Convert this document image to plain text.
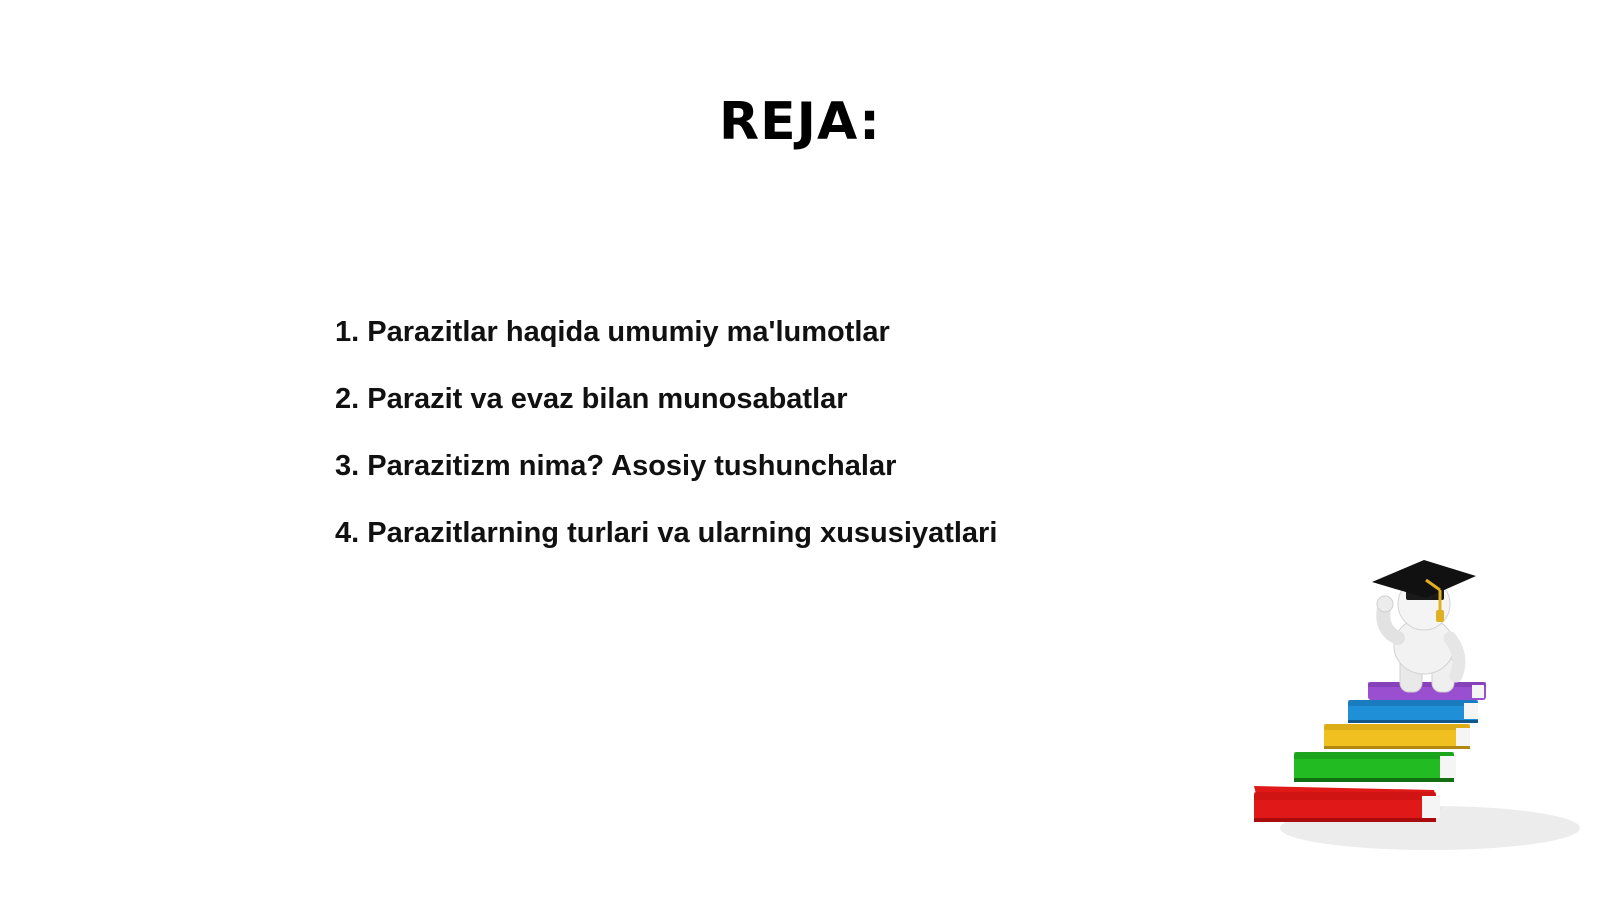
REJA:
1. Parazitlar haqida umumiy ma'lumotlar
2. Parazit va evaz bilan munosabatlar
3. Parazitizm nima? Asosiy tushunchalar
4. Parazitlarning turlari va ularning xususiyatlari
